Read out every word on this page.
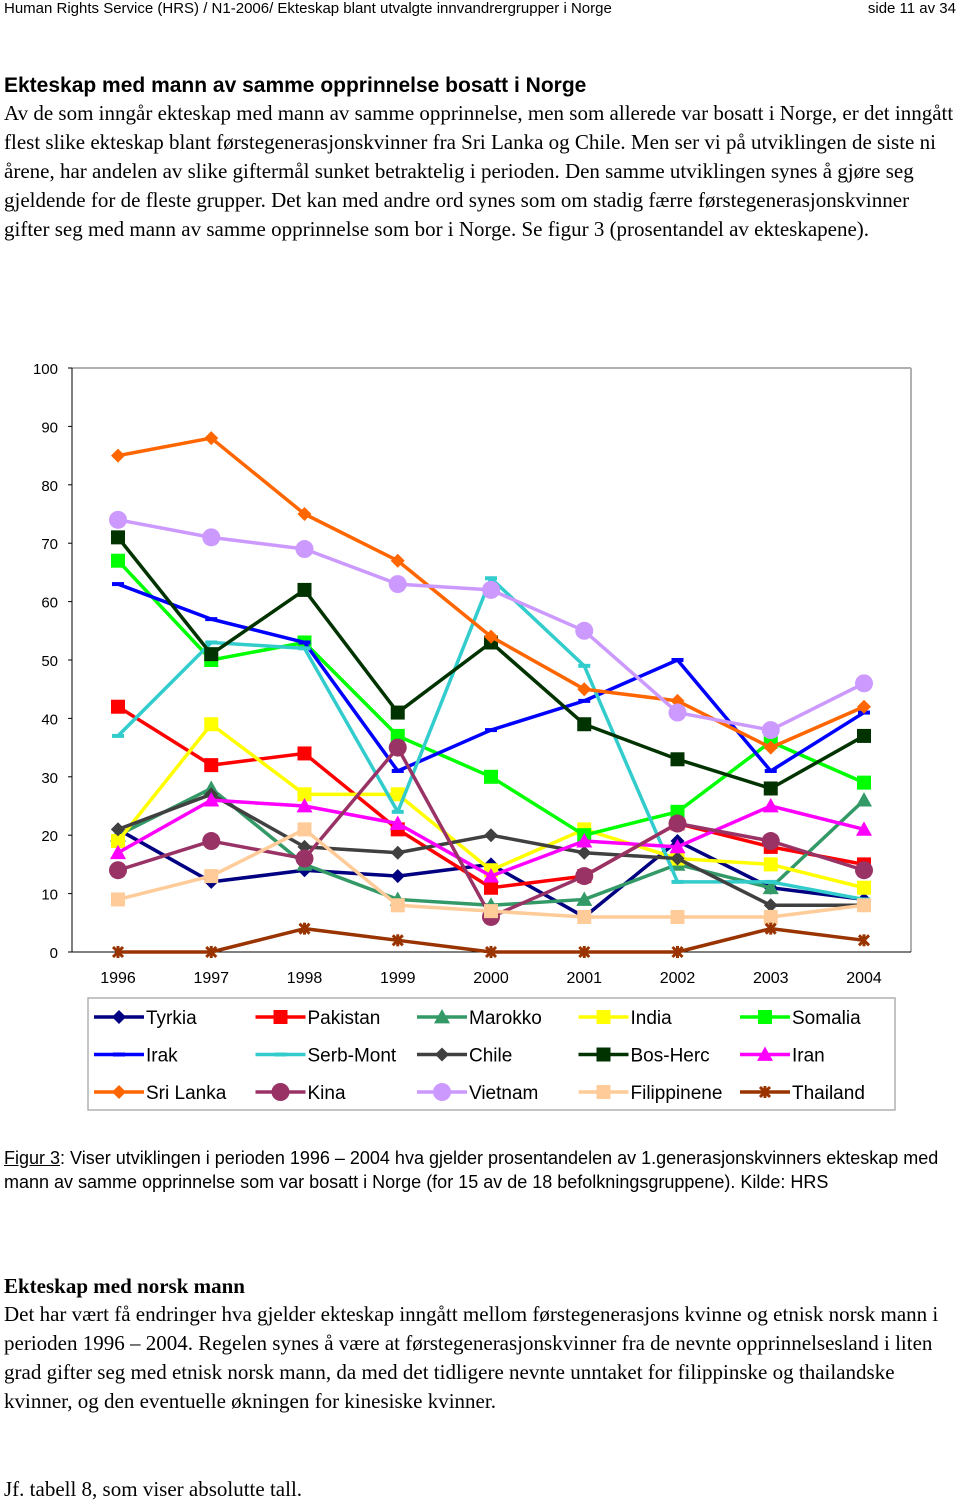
Human Rights Service (HRS) / N1-2006/ Ekteskap blant utvalgte innvandrergrupper i Norge	side 11 av 34
Ekteskap med mann av samme opprinnelse bosatt i Norge
Av de som inngår ekteskap med mann av samme opprinnelse, men som allerede var bosatt i Norge, er det inngått flest slike ekteskap blant førstegenerasjonskvinner fra Sri Lanka og Chile. Men ser vi på utviklingen de siste ni årene, har andelen av slike giftermål sunket betraktelig i perioden. Den samme utviklingen synes å gjøre seg gjeldende for de fleste grupper. Det kan med andre ord synes som om stadig færre førstegenerasjonskvinner gifter seg med mann av samme opprinnelse som bor i Norge. Se figur 3 (prosentandel av ekteskapene).
0
10
20
30
40
50
60
70
80
90
100
1996	1997	1998	1999	2000	2001	2002	2003	2004
Tyrkia	Pakistan	Marokko	India	Somalia
Irak	Serb-Mont	Chile	Bos-Herc	Iran
Sri Lanka	Kina	Vietnam	Filippinene	Thailand
Figur 3: Viser utviklingen i perioden 1996 – 2004 hva gjelder prosentandelen av 1.generasjonskvinners ekteskap med mann av samme opprinnelse som var bosatt i Norge (for 15 av de 18 befolkningsgruppene). Kilde: HRS
Ekteskap med norsk mann
Det har vært få endringer hva gjelder ekteskap inngått mellom førstegenerasjons kvinne og etnisk norsk mann i perioden 1996 – 2004. Regelen synes å være at førstegenerasjonskvinner fra de nevnte opprinnelsesland i liten grad gifter seg med etnisk norsk mann, da med det tidligere nevnte unntaket for filippinske og thailandske kvinner, og den eventuelle økningen for kinesiske kvinner.
Jf. tabell 8, som viser absolutte tall.
